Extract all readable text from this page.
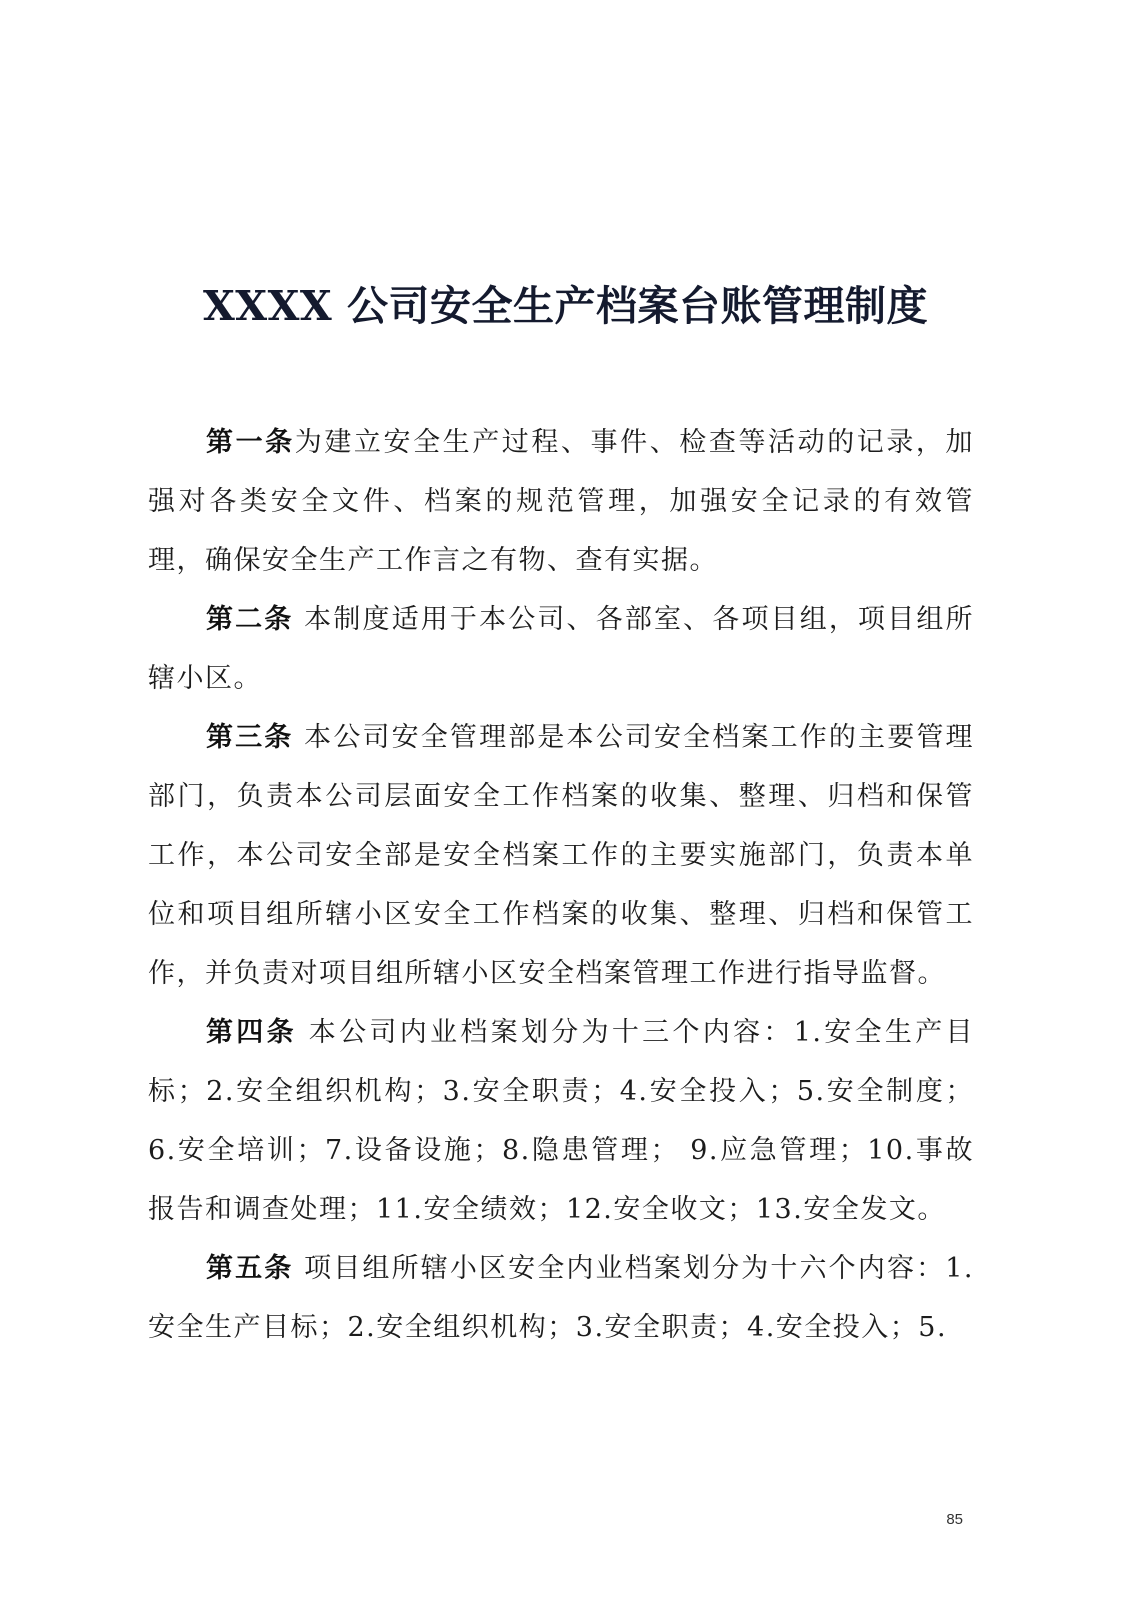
XXXX 公司安全生产档案台账管理制度

第一条为建立安全生产过程、事件、检查等活动的记录，加强对各类安全文件、档案的规范管理，加强安全记录的有效管理，确保安全生产工作言之有物、查有实据。

第二条 本制度适用于本公司、各部室、各项目组，项目组所辖小区。

第三条 本公司安全管理部是本公司安全档案工作的主要管理部门，负责本公司层面安全工作档案的收集、整理、归档和保管工作，本公司安全部是安全档案工作的主要实施部门，负责本单位和项目组所辖小区安全工作档案的收集、整理、归档和保管工作，并负责对项目组所辖小区安全档案管理工作进行指导监督。

第四条 本公司内业档案划分为十三个内容：1.安全生产目标；2.安全组织机构；3.安全职责；4.安全投入；5.安全制度；6.安全培训；7.设备设施；8.隐患管理； 9.应急管理；10.事故报告和调查处理；11.安全绩效；12.安全收文；13.安全发文。

第五条 项目组所辖小区安全内业档案划分为十六个内容：1.安全生产目标；2.安全组织机构；3.安全职责；4.安全投入；5.

85
